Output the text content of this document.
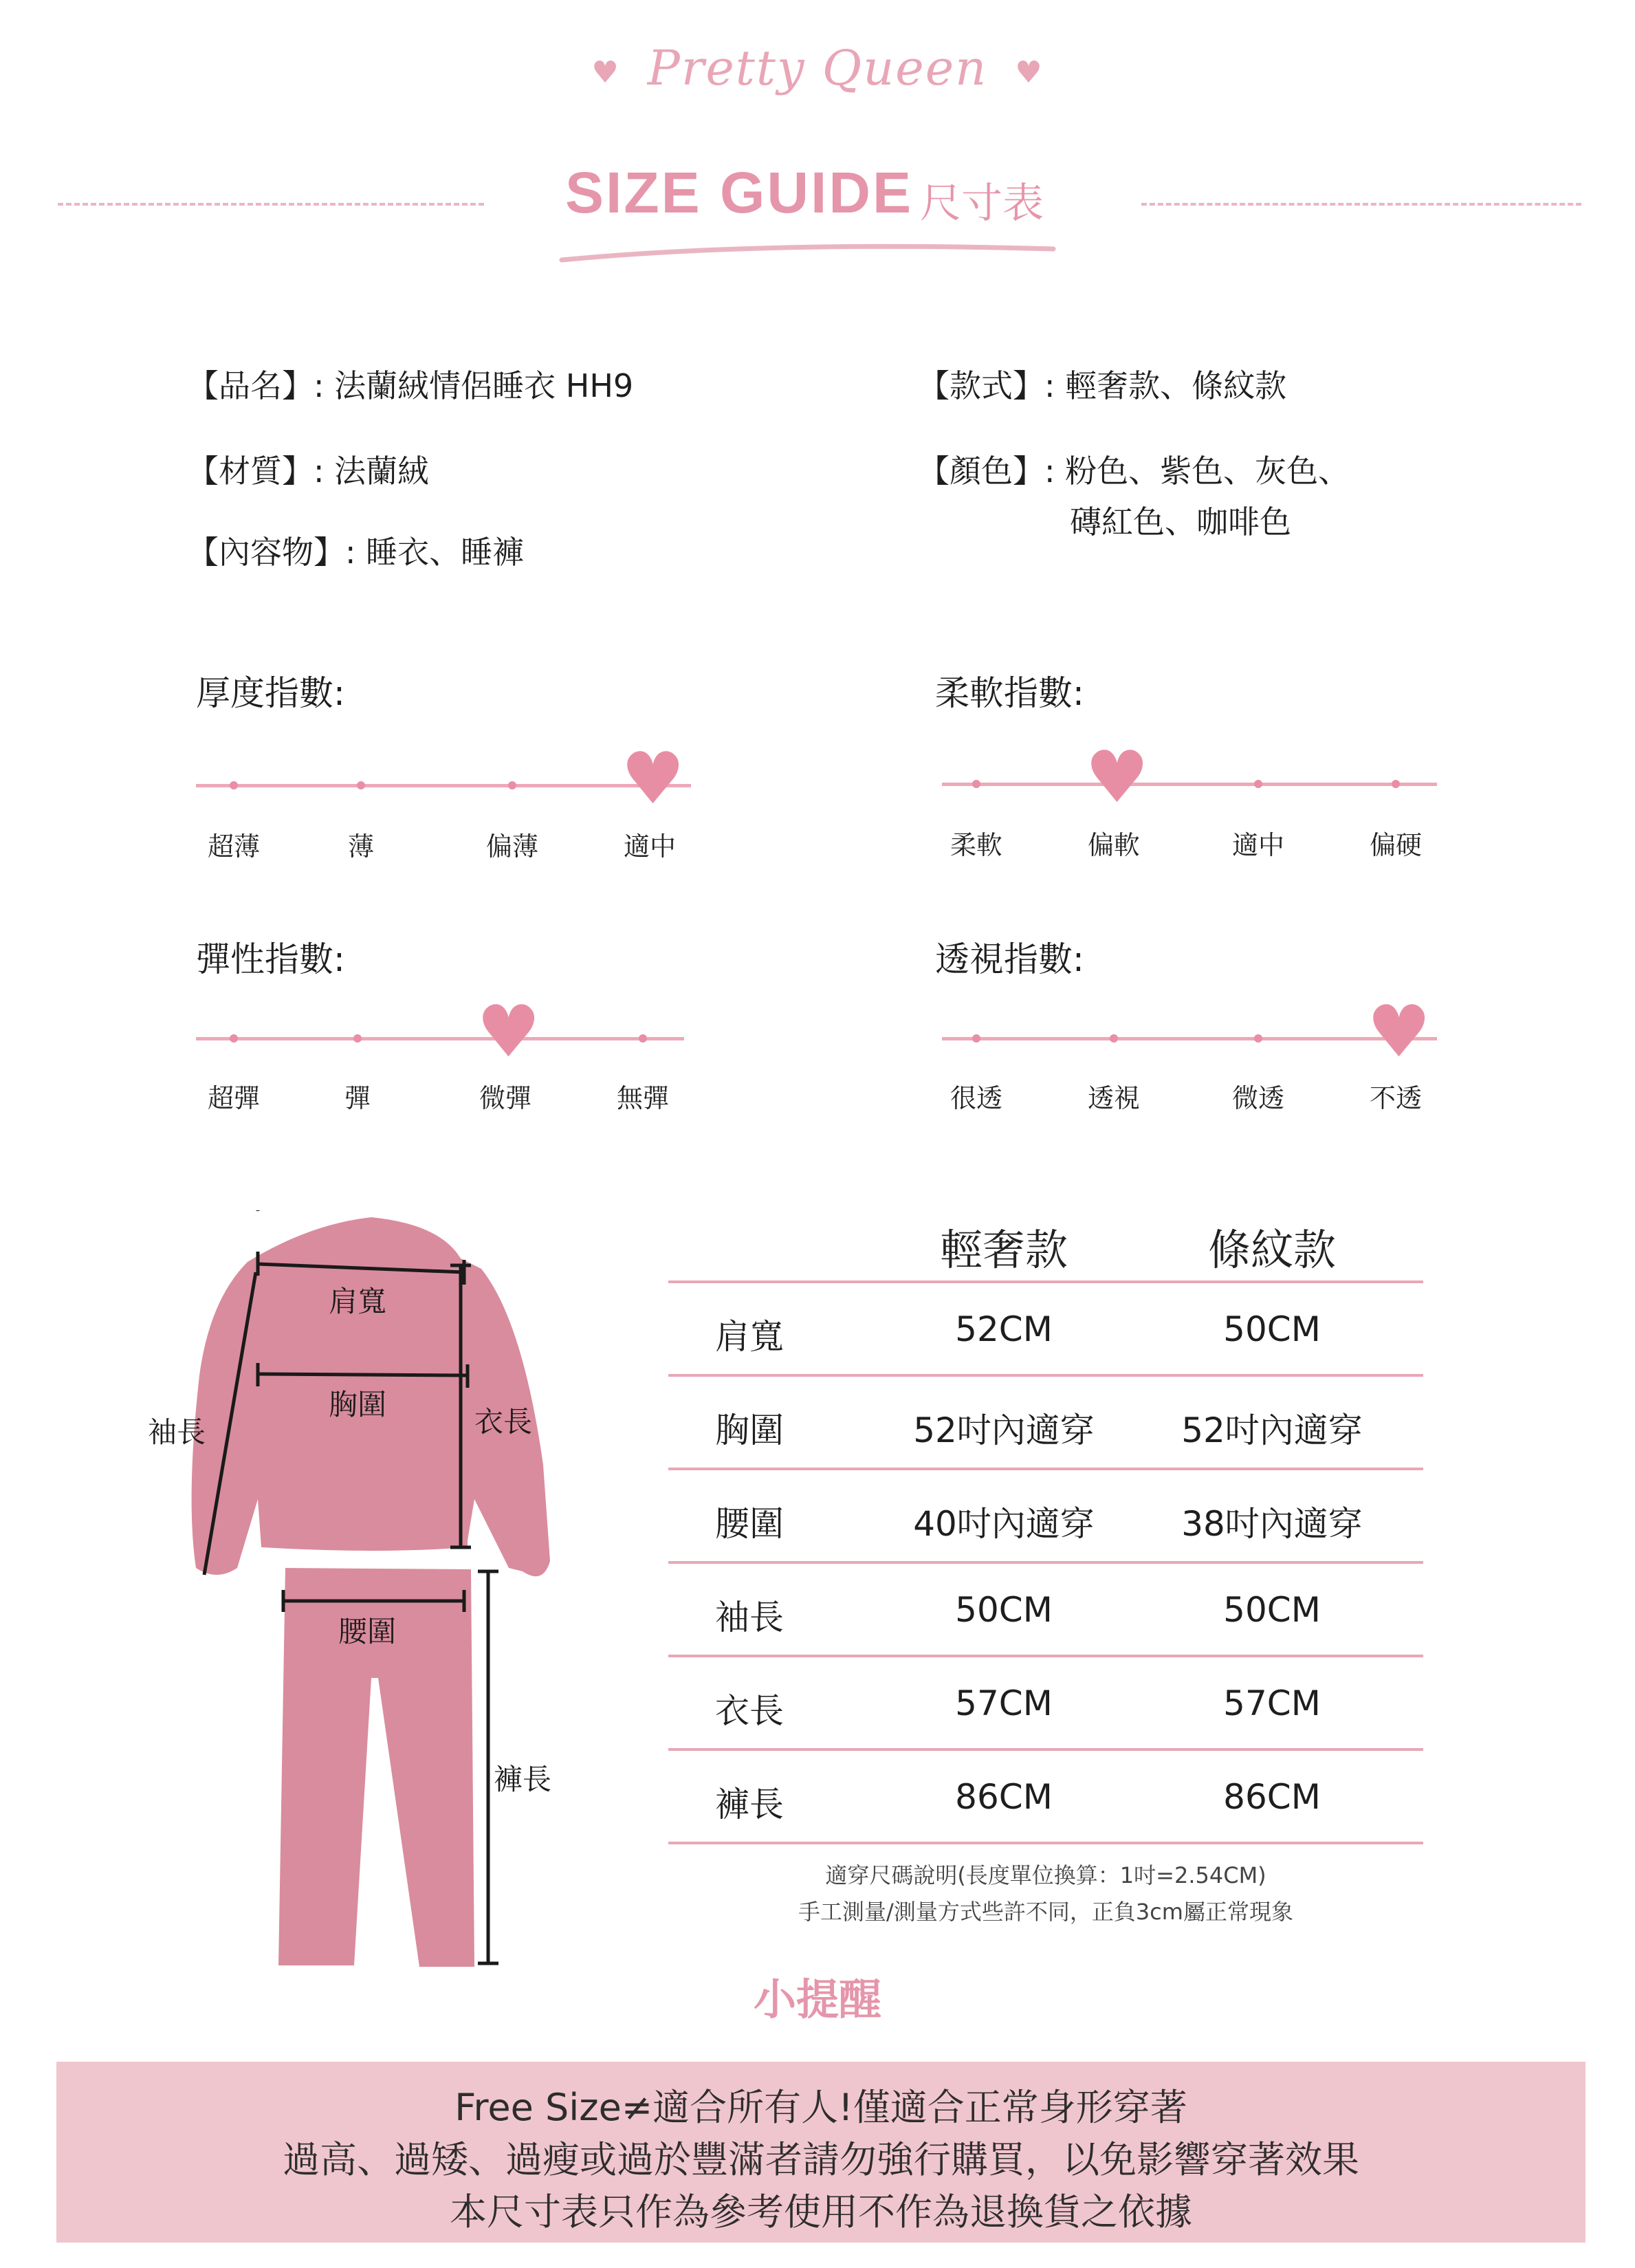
♥ Pretty Queen ♥
SIZE GUIDE 尺寸表
【品名】: 法蘭絨情侶睡衣 HH9
【材質】: 法蘭絨
【內容物】: 睡衣、睡褲
【款式】: 輕奢款、條紋款
【顏色】: 粉色、紫色、灰色、
磚紅色、咖啡色
厚度指數:	柔軟指數:
彈性指數:	透視指數:
超薄	薄	偏薄
♥
適中	柔軟
♥
偏軟	適中	偏硬
超彈	彈
♥
微彈	無彈	很透	透視	微透
♥
不透
肩寬
胸圍
袖長	衣長
腰圍
褲長
輕奢款	條紋款
肩寬	52CM	50CM
胸圍	52吋內適穿	52吋內適穿
腰圍	40吋內適穿	38吋內適穿
袖長	50CM	50CM
衣長	57CM	57CM
褲長	86CM	86CM
適穿尺碼說明(長度單位換算：1吋=2.54CM)
手工測量/測量方式些許不同，正負3cm屬正常現象
小提醒
Free Size≠適合所有人!僅適合正常身形穿著
過高、過矮、過瘦或過於豐滿者請勿強行購買，以免影響穿著效果
本尺寸表只作為參考使用不作為退換貨之依據
